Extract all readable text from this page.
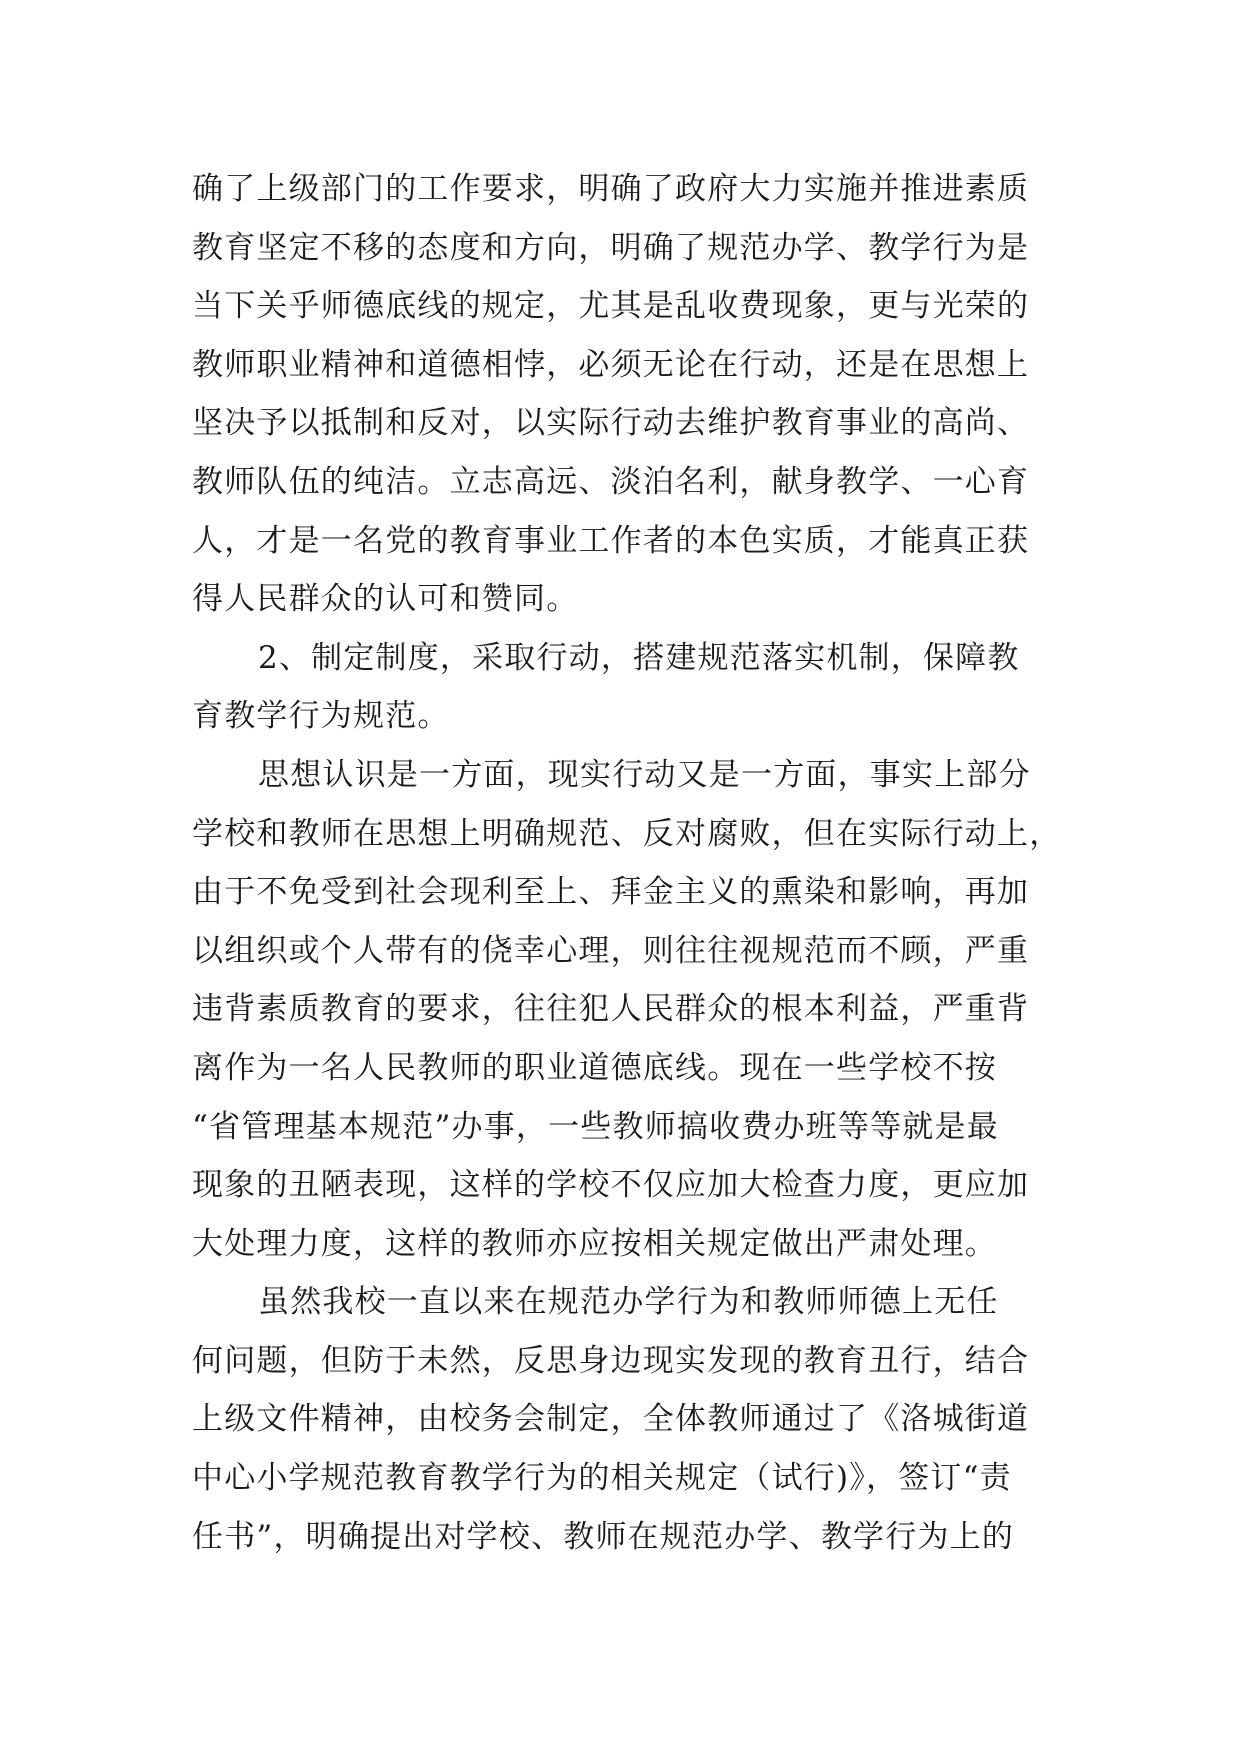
确了上级部门的工作要求，明确了政府大力实施并推进素质
教育坚定不移的态度和方向，明确了规范办学、教学行为是
当下关乎师德底线的规定，尤其是乱收费现象，更与光荣的
教师职业精神和道德相悖，必须无论在行动，还是在思想上
坚决予以抵制和反对，以实际行动去维护教育事业的高尚、
教师队伍的纯洁。立志高远、淡泊名利，献身教学、一心育
人，才是一名党的教育事业工作者的本色实质，才能真正获
得人民群众的认可和赞同。
2、制定制度，采取行动，搭建规范落实机制，保障教
育教学行为规范。
思想认识是一方面，现实行动又是一方面，事实上部分
学校和教师在思想上明确规范、反对腐败，但在实际行动上，
由于不免受到社会现利至上、拜金主义的熏染和影响，再加
以组织或个人带有的侥幸心理，则往往视规范而不顾，严重
违背素质教育的要求，往往犯人民群众的根本利益，严重背
离作为一名人民教师的职业道德底线。现在一些学校不按
“省管理基本规范”办事，一些教师搞收费办班等等就是最
现象的丑陋表现，这样的学校不仅应加大检查力度，更应加
大处理力度，这样的教师亦应按相关规定做出严肃处理。
虽然我校一直以来在规范办学行为和教师师德上无任
何问题，但防于未然，反思身边现实发现的教育丑行，结合
上级文件精神，由校务会制定，全体教师通过了《洛城街道
中心小学规范教育教学行为的相关规定（试行)》，签订“责
任书”，明确提出对学校、教师在规范办学、教学行为上的
